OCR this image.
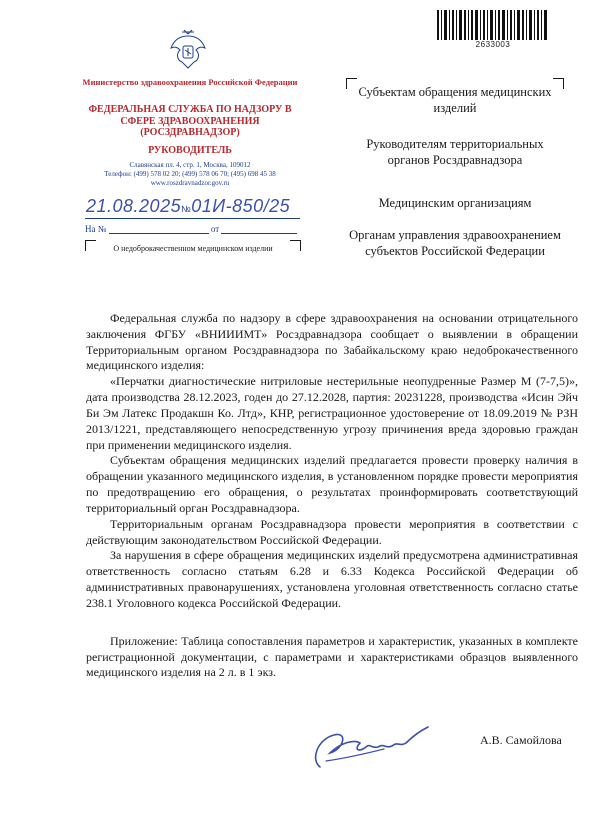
2633003
Министерство здравоохранения Российской Федерации
ФЕДЕРАЛЬНАЯ СЛУЖБА ПО НАДЗОРУ В СФЕРЕ ЗДРАВООХРАНЕНИЯ (РОСЗДРАВНАДЗОР)
РУКОВОДИТЕЛЬ
Славянская пл. 4, стр. 1, Москва, 109012
Телефон: (499) 578 02 20; (499) 578 06 70; (495) 698 45 38
www.roszdravnadzor.gov.ru
21.08.2025№01И-850/25
На №	от
О недоброкачественном медицинском изделии
Субъектам обращения медицинских изделий
Руководителям территориальных органов Росздравнадзора
Медицинским организациям
Органам управления здравоохранением субъектов Российской Федерации

Федеральная служба по надзору в сфере здравоохранения на основании отрицательного заключения ФГБУ «ВНИИИМТ» Росздравнадзора сообщает о выявлении в обращении Территориальным органом Росздравнадзора по Забайкальскому краю недоброкачественного медицинского изделия:

«Перчатки диагностические нитриловые нестерильные неопудренные Размер М (7-7,5)», дата производства 28.12.2023, годен до 27.12.2028, партия: 20231228, производства «Исин Эйч Би Эм Латекс Продакшн Ко. Лтд», КНР, регистрационное удостоверение от 18.09.2019 № РЗН 2013/1221, представляющего непосредственную угрозу причинения вреда здоровью граждан при применении медицинского изделия.

Субъектам обращения медицинских изделий предлагается провести проверку наличия в обращении указанного медицинского изделия, в установленном порядке провести мероприятия по предотвращению его обращения, о результатах проинформировать соответствующий территориальный орган Росздравнадзора.

Территориальным органам Росздравнадзора провести мероприятия в соответствии с действующим законодательством Российской Федерации.

За нарушения в сфере обращения медицинских изделий предусмотрена административная ответственность согласно статьям 6.28 и 6.33 Кодекса Российской Федерации об административных правонарушениях, установлена уголовная ответственность согласно статье 238.1 Уголовного кодекса Российской Федерации.

Приложение: Таблица сопоставления параметров и характеристик, указанных в комплекте регистрационной документации, с параметрами и характеристиками образцов выявленного медицинского изделия на 2 л. в 1 экз.

А.В. Самойлова
